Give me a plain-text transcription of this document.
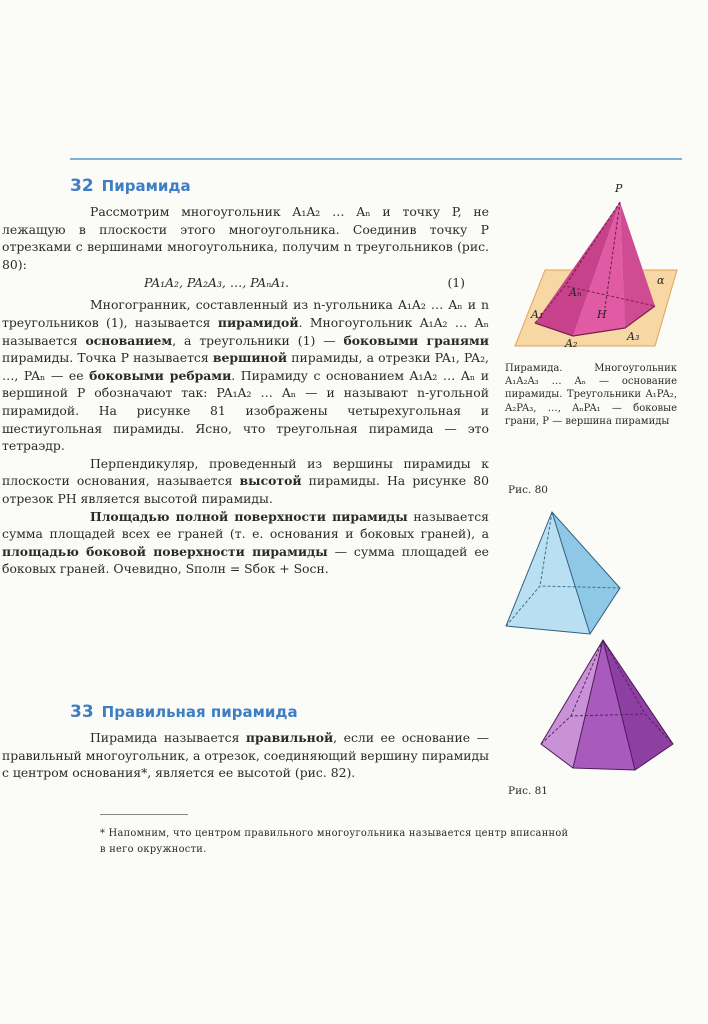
32 Пирамида

Рассмотрим многоугольник A₁A₂ … Aₙ и точку P, не лежащую в плоскости этого многоугольника. Соединив точку P отрезками с вершинами многоугольника, получим n треугольников (рис. 80):

PA₁A₂, PA₂A₃, …, PAₙA₁.	(1)

Многогранник, составленный из n-угольника A₁A₂ … Aₙ и n треугольников (1), называется пирамидой. Многоугольник A₁A₂ … Aₙ называется основанием, а треугольники (1) — боковыми гранями пирамиды. Точка P называется вершиной пирамиды, а отрезки PA₁, PA₂, …, PAₙ — ее боковыми ребрами. Пирамиду с основанием A₁A₂ … Aₙ и вершиной P обозначают так: PA₁A₂ … Aₙ — и называют n-угольной пирамидой. На рисунке 81 изображены четырехугольная и шестиугольная пирамиды. Ясно, что треугольная пирамида — это тетраэдр.

Перпендикуляр, проведенный из вершины пирамиды к плоскости основания, называется высотой пирамиды. На рисунке 80 отрезок PH является высотой пирамиды.

Площадью полной поверхности пирамиды называется сумма площадей всех ее граней (т. е. основания и боковых граней), а площадью боковой поверхности пирамиды — сумма площадей ее боковых граней. Очевидно, Sполн = Sбок + Sосн.

33 Правильная пирамида

Пирамида называется правильной, если ее основание — правильный многоугольник, а отрезок, соединяющий вершину пирамиды с центром основания*, является ее высотой (рис. 82).

* Напомним, что центром правильного многоугольника называется центр вписанной в него окружности.
P
Aₙ
A₁
A₂
A₃
H
α
Пирамида. Многоугольник A₁A₂A₃ … Aₙ — основание пирамиды. Треугольники A₁PA₂, A₂PA₃, …, AₙPA₁ — боковые грани, P — вершина пирамиды
Рис. 80
Рис. 81
